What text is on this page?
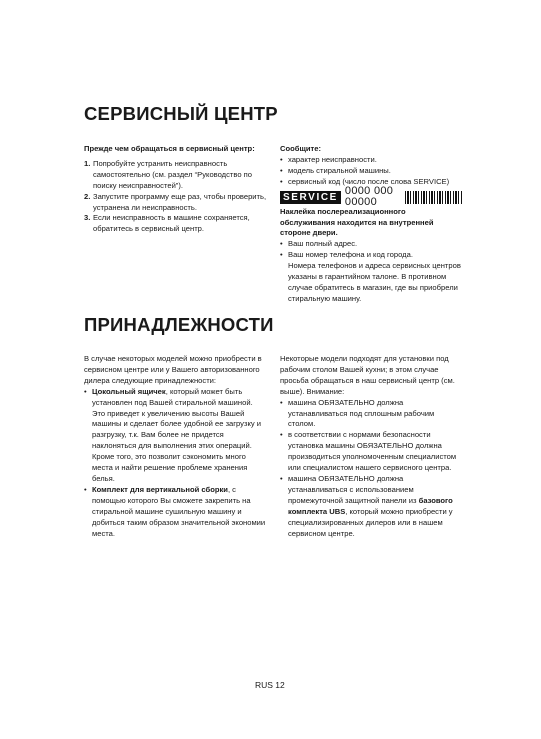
СЕРВИСНЫЙ ЦЕНТР

Прежде чем обращаться в сервисный центр:

1. Попробуйте устранить неисправность самостоятельно (см. раздел “Руководство по поиску неисправностей”).
2. Запустите программу еще раз, чтобы проверить, устранена ли неисправность.
3. Если неисправность в машине сохраняется, обратитесь в сервисный центр.

Сообщите:

• характер неисправности.
• модель стиральной машины.
• сервисный код (число после слова SERVICE)
SERVICE 0000 000 00000

Наклейка послереализационного обслуживания находится на внутренней стороне двери.

• Ваш полный адрес.
• Ваш номер телефона и код города.

Номера телефонов и адреса сервисных центров указаны в гарантийном талоне. В противном случае обратитесь в магазин, где вы приобрели стиральную машину.

ПРИНАДЛЕЖНОСТИ

В случае некоторых моделей можно приобрести в сервисном центре или у Вашего авторизованного дилера следующие принадлежности:

• Цокольный ящичек, который может быть установлен под Вашей стиральной машиной. Это приведет к увеличению высоты Вашей машины и сделает более удобной ее загрузку и разгрузку, т.к. Вам более не придется наклоняться для выполнения этих операций. Кроме того, это позволит сэкономить много места и найти решение проблеме хранения белья.
• Комплект для вертикальной сборки, с помощью которого Вы сможете закрепить на стиральной машине сушильную машину и добиться таким образом значительной экономии места.

Некоторые модели подходят для установки под рабочим столом Вашей кухни; в этом случае просьба обращаться в наш сервисный центр (см. выше). Внимание:

• машина ОБЯЗАТЕЛЬНО должна устанавливаться под сплошным рабочим столом.
• в соответствии с нормами безопасности установка машины ОБЯЗАТЕЛЬНО должна производиться уполномоченным специалистом или специалистом нашего сервисного центра.
• машина ОБЯЗАТЕЛЬНО должна устанавливаться с использованием промежуточной защитной панели из базового комплекта UBS, который можно приобрести у специализированных дилеров или в нашем сервисном центре.
RUS 12
